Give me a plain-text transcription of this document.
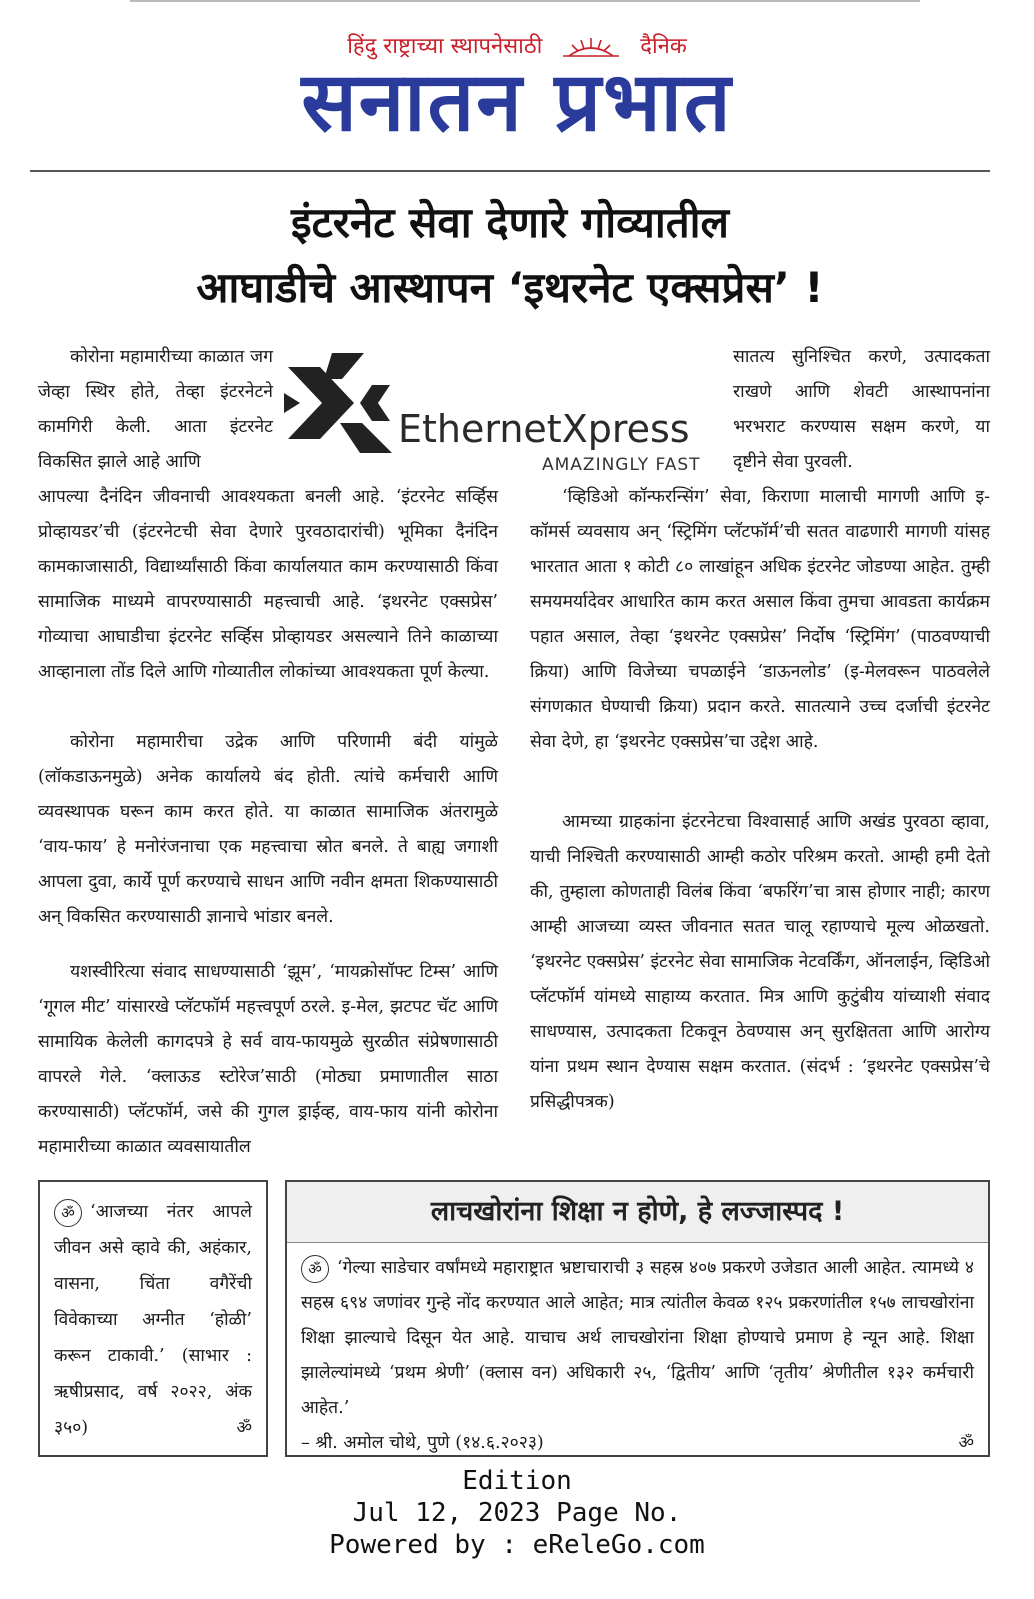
हिंदु राष्ट्राच्या स्थापनेसाठी	दैनिक
सनातन प्रभात
इंटरनेट सेवा देणारे गोव्यातील
आघाडीचे आस्थापन ‘इथरनेट एक्सप्रेस’ !
EthernetXpress
AMAZINGLY FAST

कोरोना महामारीच्या काळात जग जेव्हा स्थिर होते, तेव्हा इंटरनेटने कामगिरी केली. आता इंटरनेट विकसित झाले आहे आणि

आपल्या दैनंदिन जीवनाची आवश्यकता बनली आहे. ‘इंटरनेट सर्व्हिस प्रोव्हायडर’ची (इंटरनेटची सेवा देणारे पुरवठादारांची) भूमिका दैनंदिन कामकाजासाठी, विद्यार्थ्यांसाठी किंवा कार्यालयात काम करण्यासाठी किंवा सामाजिक माध्यमे वापरण्यासाठी महत्त्वाची आहे. ‘इथरनेट एक्सप्रेस’ गोव्याचा आघाडीचा इंटरनेट सर्व्हिस प्रोव्हायडर असल्याने तिने काळाच्या आव्हानाला तोंड दिले आणि गोव्यातील लोकांच्या आवश्यकता पूर्ण केल्या.

कोरोना महामारीचा उद्रेक आणि परिणामी बंदी यांमुळे (लॉकडाऊनमुळे) अनेक कार्यालये बंद होती. त्यांचे कर्मचारी आणि व्यवस्थापक घरून काम करत होते. या काळात सामाजिक अंतरामुळे ‘वाय-फाय’ हे मनोरंजनाचा एक महत्त्वाचा स्रोत बनले. ते बाह्य जगाशी आपला दुवा, कार्ये पूर्ण करण्याचे साधन आणि नवीन क्षमता शिकण्यासाठी अन् विकसित करण्यासाठी ज्ञानाचे भांडार बनले.

यशस्वीरित्या संवाद साधण्यासाठी ‘झूम’, ‘मायक्रोसॉफ्ट टिम्स’ आणि ‘गूगल मीट’ यांसारखे प्लॅटफॉर्म महत्त्वपूर्ण ठरले. इ-मेल, झटपट चॅट आणि सामायिक केलेली कागदपत्रे हे सर्व वाय-फायमुळे सुरळीत संप्रेषणासाठी वापरले गेले. ‘क्लाऊड स्टोरेज’साठी (मोठ्या प्रमाणातील साठा करण्यासाठी) प्लॅटफॉर्म, जसे की गुगल ड्राईव्ह, वाय-फाय यांनी कोरोना महामारीच्या काळात व्यवसायातील

सातत्य सुनिश्चित करणे, उत्पादकता राखणे आणि शेवटी आस्थापनांना भरभराट करण्यास सक्षम करणे, या दृष्टीने सेवा पुरवली.

‘व्हिडिओ कॉन्फरन्सिंग’ सेवा, किराणा मालाची मागणी आणि इ-कॉमर्स व्यवसाय अन् ‘स्ट्रिमिंग प्लॅटफॉर्म’ची सतत वाढणारी मागणी यांसह भारतात आता १ कोटी ८० लाखांहून अधिक इंटरनेट जोडण्या आहेत. तुम्ही समयमर्यादेवर आधारित काम करत असाल किंवा तुमचा आवडता कार्यक्रम पहात असाल, तेव्हा ‘इथरनेट एक्सप्रेस’ निर्दोष ‘स्ट्रिमिंग’ (पाठवण्याची क्रिया) आणि विजेच्या चपळाईने ‘डाऊनलोड’ (इ-मेलवरून पाठवलेले संगणकात घेण्याची क्रिया) प्रदान करते. सातत्याने उच्च दर्जाची इंटरनेट सेवा देणे, हा ‘इथरनेट एक्सप्रेस’चा उद्देश आहे.

आमच्या ग्राहकांना इंटरनेटचा विश्वासार्ह आणि अखंड पुरवठा व्हावा, याची निश्चिती करण्यासाठी आम्ही कठोर परिश्रम करतो. आम्ही हमी देतो की, तुम्हाला कोणताही विलंब किंवा ‘बफरिंग’चा त्रास होणार नाही; कारण आम्ही आजच्या व्यस्त जीवनात सतत चालू रहाण्याचे मूल्य ओळखतो. ‘इथरनेट एक्सप्रेस’ इंटरनेट सेवा सामाजिक नेटवर्किंग, ऑनलाईन, व्हिडिओ प्लॅटफॉर्म यांमध्ये साहाय्य करतात. मित्र आणि कुटुंबीय यांच्याशी संवाद साधण्यास, उत्पादकता टिकवून ठेवण्यास अन् सुरक्षितता आणि आरोग्य यांना प्रथम स्थान देण्यास सक्षम करतात. (संदर्भ : ‘इथरनेट एक्सप्रेस’चे प्रसिद्धीपत्रक)

ॐ ‘आजच्या नंतर आपले जीवन असे व्हावे की, अहंकार, वासना, चिंता वगैरेंची विवेकाच्या अग्नीत ‘होळी’ करून टाकावी.’ (साभार : ऋषीप्रसाद, वर्ष २०२२, अंक ३५०)	ॐ
लाचखोरांना शिक्षा न होणे, हे लज्जास्पद !
ॐ ‘गेल्या साडेचार वर्षांमध्ये महाराष्ट्रात भ्रष्टाचाराची ३ सहस्र ४०७ प्रकरणे उजेडात आली आहेत. त्यामध्ये ४ सहस्र ६९४ जणांवर गुन्हे नोंद करण्यात आले आहेत; मात्र त्यांतील केवळ १२५ प्रकरणांतील १५७ लाचखोरांना शिक्षा झाल्याचे दिसून येत आहे. याचाच अर्थ लाचखोरांना शिक्षा होण्याचे प्रमाण हे न्यून आहे. शिक्षा झालेल्यांमध्ये ‘प्रथम श्रेणी’ (क्लास वन) अधिकारी २५, ‘द्वितीय’ आणि ‘तृतीय’ श्रेणीतील १३२ कर्मचारी आहेत.’
– श्री. अमोल चोथे, पुणे (१४.६.२०२३)	ॐ
Edition
Jul 12, 2023 Page No.
Powered by : eReleGo.com
